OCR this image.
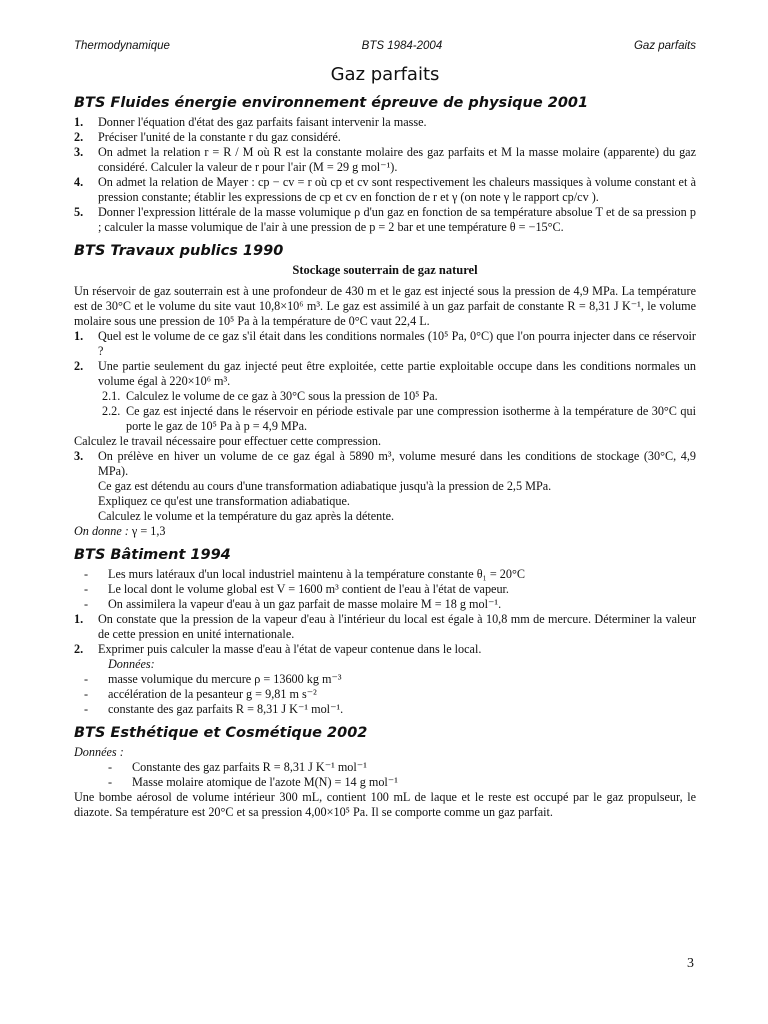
Thermodynamique	BTS 1984-2004	Gaz parfaits
Gaz parfaits
BTS Fluides énergie environnement épreuve de physique 2001

1.	Donner l'équation d'état des gaz parfaits faisant intervenir la masse.

2.	Préciser l'unité de la constante r du gaz considéré.

3.	On admet la relation r = R / M où R est la constante molaire des gaz parfaits et M la masse molaire (apparente) du gaz considéré. Calculer la valeur de r pour l'air (M = 29 g mol⁻¹).

4.	On admet la relation de Mayer : cp − cv = r où cp et cv sont respectivement les chaleurs massiques à volume constant et à pression constante; établir les expressions de cp et cv en fonction de r et γ (on note γ le rapport cp/cv ).

5.	Donner l'expression littérale de la masse volumique ρ d'un gaz en fonction de sa température absolue T et de sa pression p ; calculer la masse volumique de l'air à une pression de p = 2 bar et une température θ = −15°C.

BTS Travaux publics 1990
Stockage souterrain de gaz naturel

Un réservoir de gaz souterrain est à une profondeur de 430 m et le gaz est injecté sous la pression de 4,9 MPa. La température est de 30°C et le volume du site vaut 10,8×10⁶ m³. Le gaz est assimilé à un gaz parfait de constante R = 8,31 J K⁻¹, le volume molaire sous une pression de 10⁵ Pa à la température de 0°C vaut 22,4 L.

1.	Quel est le volume de ce gaz s'il était dans les conditions normales (10⁵ Pa, 0°C) que l'on pourra injecter dans ce réservoir ?

2.	Une partie seulement du gaz injecté peut être exploitée, cette partie exploitable occupe dans les conditions normales un volume égal à 220×10⁶ m³.

2.1. Calculez le volume de ce gaz à 30°C sous la pression de 10⁵ Pa.

2.2. Ce gaz est injecté dans le réservoir en période estivale par une compression isotherme à la température de 30°C qui porte le gaz de 10⁵ Pa à p = 4,9 MPa.

Calculez le travail nécessaire pour effectuer cette compression.

3.	On prélève en hiver un volume de ce gaz égal à 5890 m³, volume mesuré dans les conditions de stockage (30°C, 4,9 MPa).

Ce gaz est détendu au cours d'une transformation adiabatique jusqu'à la pression de 2,5 MPa.

Expliquez ce qu'est une transformation adiabatique.

Calculez le volume et la température du gaz après la détente.

On donne : γ = 1,3

BTS Bâtiment 1994

-	Les murs latéraux d'un local industriel maintenu à la température constante θ₁ = 20°C

-	Le local dont le volume global est V = 1600 m³ contient de l'eau à l'état de vapeur.

-	On assimilera la vapeur d'eau à un gaz parfait de masse molaire M = 18 g mol⁻¹.

1.	On constate que la pression de la vapeur d'eau à l'intérieur du local est égale à 10,8 mm de mercure. Déterminer la valeur de cette pression en unité internationale.

2.	Exprimer puis calculer la masse d'eau à l'état de vapeur contenue dans le local.

Données:

-	masse volumique du mercure ρ = 13600 kg m⁻³

-	accélération de la pesanteur g = 9,81 m s⁻²

-	constante des gaz parfaits R = 8,31 J K⁻¹ mol⁻¹.

BTS Esthétique et Cosmétique 2002

Données :

-	Constante des gaz parfaits R = 8,31 J K⁻¹ mol⁻¹

-	Masse molaire atomique de l'azote M(N) = 14 g mol⁻¹

Une bombe aérosol de volume intérieur 300 mL, contient 100 mL de laque et le reste est occupé par le gaz propulseur, le diazote. Sa température est 20°C et sa pression 4,00×10⁵ Pa. Il se comporte comme un gaz parfait.

3
